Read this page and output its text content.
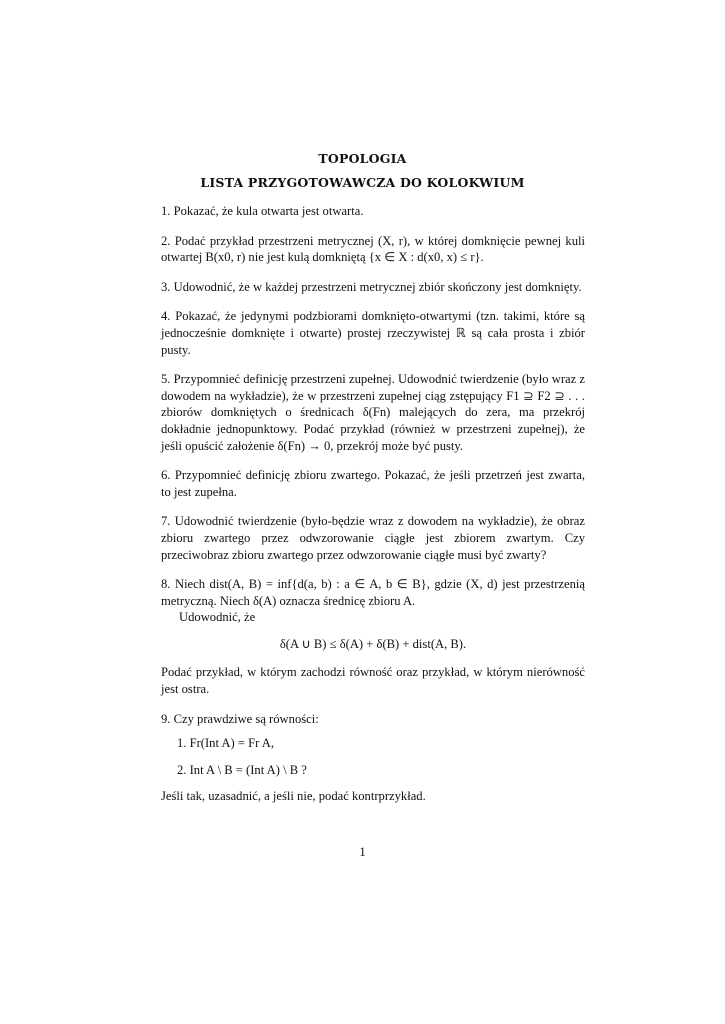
TOPOLOGIA
LISTA PRZYGOTOWAWCZA DO KOLOKWIUM

1. Pokazać, że kula otwarta jest otwarta.

2. Podać przykład przestrzeni metrycznej (X, r), w której domknięcie pewnej kuli otwartej B(x0, r) nie jest kulą domkniętą {x ∈ X : d(x0, x) ≤ r}.

3. Udowodnić, że w każdej przestrzeni metrycznej zbiór skończony jest domknięty.

4. Pokazać, że jedynymi podzbiorami domknięto-otwartymi (tzn. takimi, które są jednocześnie domknięte i otwarte) prostej rzeczywistej ℝ są cała prosta i zbiór pusty.

5. Przypomnieć definicję przestrzeni zupełnej. Udowodnić twierdzenie (było wraz z dowodem na wykładzie), że w przestrzeni zupełnej ciąg zstępujący F1 ⊇ F2 ⊇ . . . zbiorów domkniętych o średnicach δ(Fn) malejących do zera, ma przekrój dokładnie jednopunktowy. Podać przykład (również w przestrzeni zupełnej), że jeśli opuścić założenie δ(Fn) → 0, przekrój może być pusty.

6. Przypomnieć definicję zbioru zwartego. Pokazać, że jeśli przetrzeń jest zwarta, to jest zupełna.

7. Udowodnić twierdzenie (było-będzie wraz z dowodem na wykładzie), że obraz zbioru zwartego przez odwzorowanie ciągłe jest zbiorem zwartym. Czy przeciwobraz zbioru zwartego przez odwzorowanie ciągłe musi być zwarty?

8. Niech dist(A, B) = inf{d(a, b) : a ∈ A, b ∈ B}, gdzie (X, d) jest przestrzenią metryczną. Niech δ(A) oznacza średnicę zbioru A.

Udowodnić, że

δ(A ∪ B) ≤ δ(A) + δ(B) + dist(A, B).

Podać przykład, w którym zachodzi równość oraz przykład, w którym nierówność jest ostra.

9. Czy prawdziwe są równości:

1. Fr(Int A) = Fr A,
2. Int A \ B = (Int A) \ B ?

Jeśli tak, uzasadnić, a jeśli nie, podać kontrprzykład.

1
